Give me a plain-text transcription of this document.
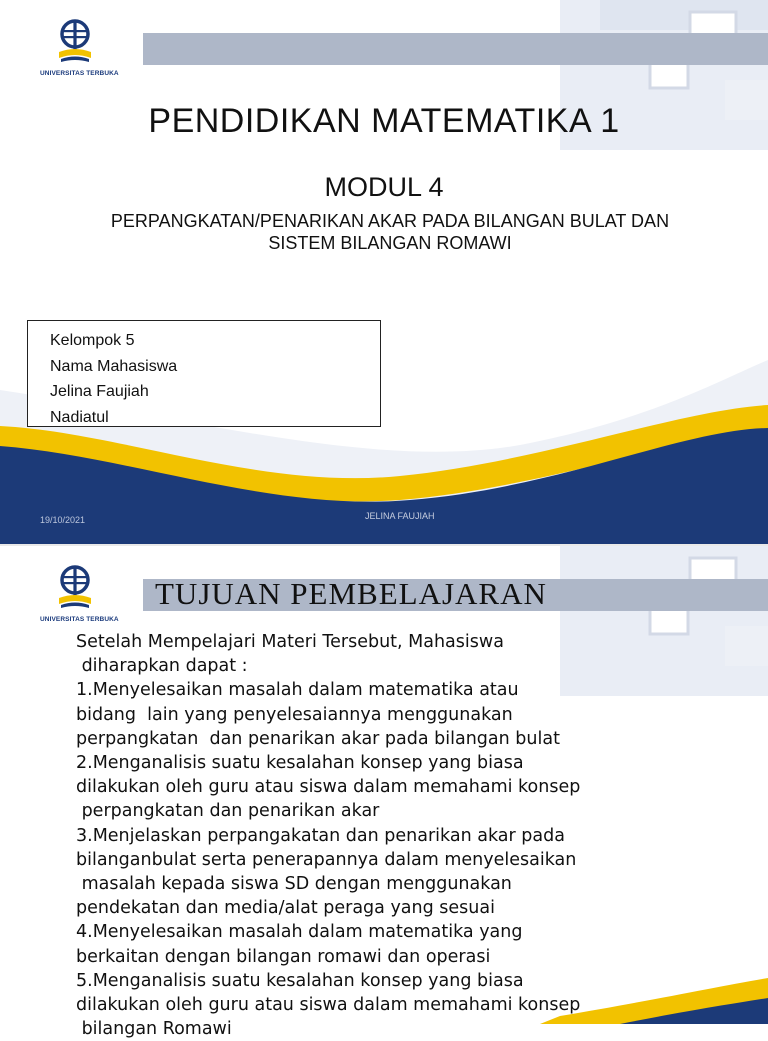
UNIVERSITAS TERBUKA
PENDIDIKAN MATEMATIKA 1
MODUL 4
PERPANGKATAN/PENARIKAN AKAR PADA BILANGAN BULAT DAN
SISTEM BILANGAN ROMAWI
Kelompok 5
Nama Mahasiswa
Jelina Faujiah
Nadiatul
19/10/2021	JELINA FAUJIAH
UNIVERSITAS TERBUKA
TUJUAN PEMBELAJARAN
Setelah Mempelajari Materi Tersebut, Mahasiswa
diharapkan dapat :
1.Menyelesaikan masalah dalam matematika atau
bidang  lain yang penyelesaiannya menggunakan
perpangkatan  dan penarikan akar pada bilangan bulat
2.Menganalisis suatu kesalahan konsep yang biasa
dilakukan oleh guru atau siswa dalam memahami konsep
perpangkatan dan penarikan akar
3.Menjelaskan perpangakatan dan penarikan akar pada
bilanganbulat serta penerapannya dalam menyelesaikan
masalah kepada siswa SD dengan menggunakan
pendekatan dan media/alat peraga yang sesuai
4.Menyelesaikan masalah dalam matematika yang
berkaitan dengan bilangan romawi dan operasi
5.Menganalisis suatu kesalahan konsep yang biasa
dilakukan oleh guru atau siswa dalam memahami konsep
bilangan Romawi
